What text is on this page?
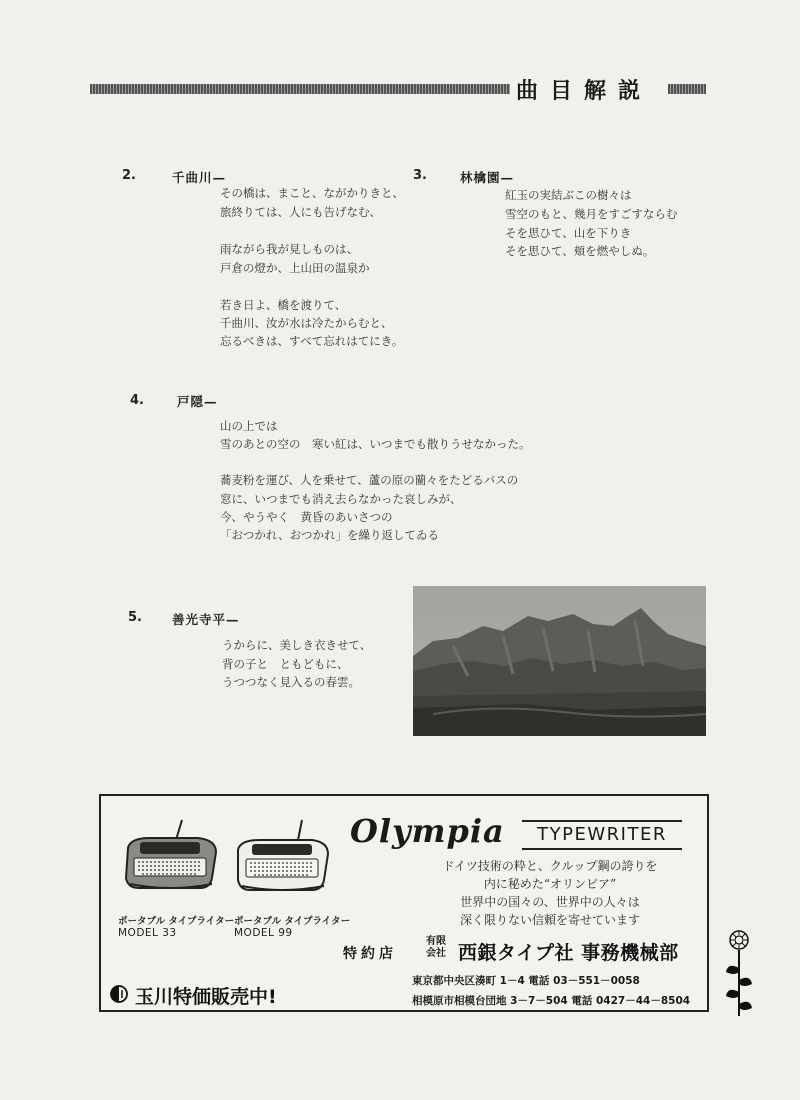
曲目解説
2.	千曲川—
その橋は、まこと、ながかりきと、
旅終りては、人にも告げなむ、
雨ながら我が見しものは、
戸倉の燈か、上山田の温泉か
若き日よ、橋を渡りて、
千曲川、汝が水は冷たからむと、
忘るべきは、すべて忘れはてにき。
3.	林檎園—
紅玉の実結ぶこの樹々は
雪空のもと、幾月をすごすならむ
そを思ひて、山を下りき
そを思ひて、頬を燃やしぬ。
4.	戸隠—
山の上では
雪のあとの空の　寒い紅は、いつまでも散りうせなかった。
蕎麦粉を運び、人を乗せて、蘆の原の藺々をたどるバスの
窓に、いつまでも消え去らなかった哀しみが、
今、やうやく　黄昏のあいさつの
「おつかれ、おつかれ」を繰り返してゐる
5. 善光寺平—
うからに、美しき衣きせて、
背の子と　ともどもに、
うつつなく見入るの春雲。
ポータブル タイプライター
MODEL 33
ポータブル タイプライター
MODEL 99
Olympia	TYPEWRITER
ドイツ技術の粋と、クルップ鋼の誇りを
内に秘めた“オリンピア”
世界中の国々の、世界中の人々は
深く限りない信頼を寄せています
特約店
有限
会社 西銀タイプ社 事務機械部
東京都中央区湊町 1－4 電話 03－551－0058
相模原市相模台団地 3－7－504 電話 0427－44－8504
玉川特価販売中!
